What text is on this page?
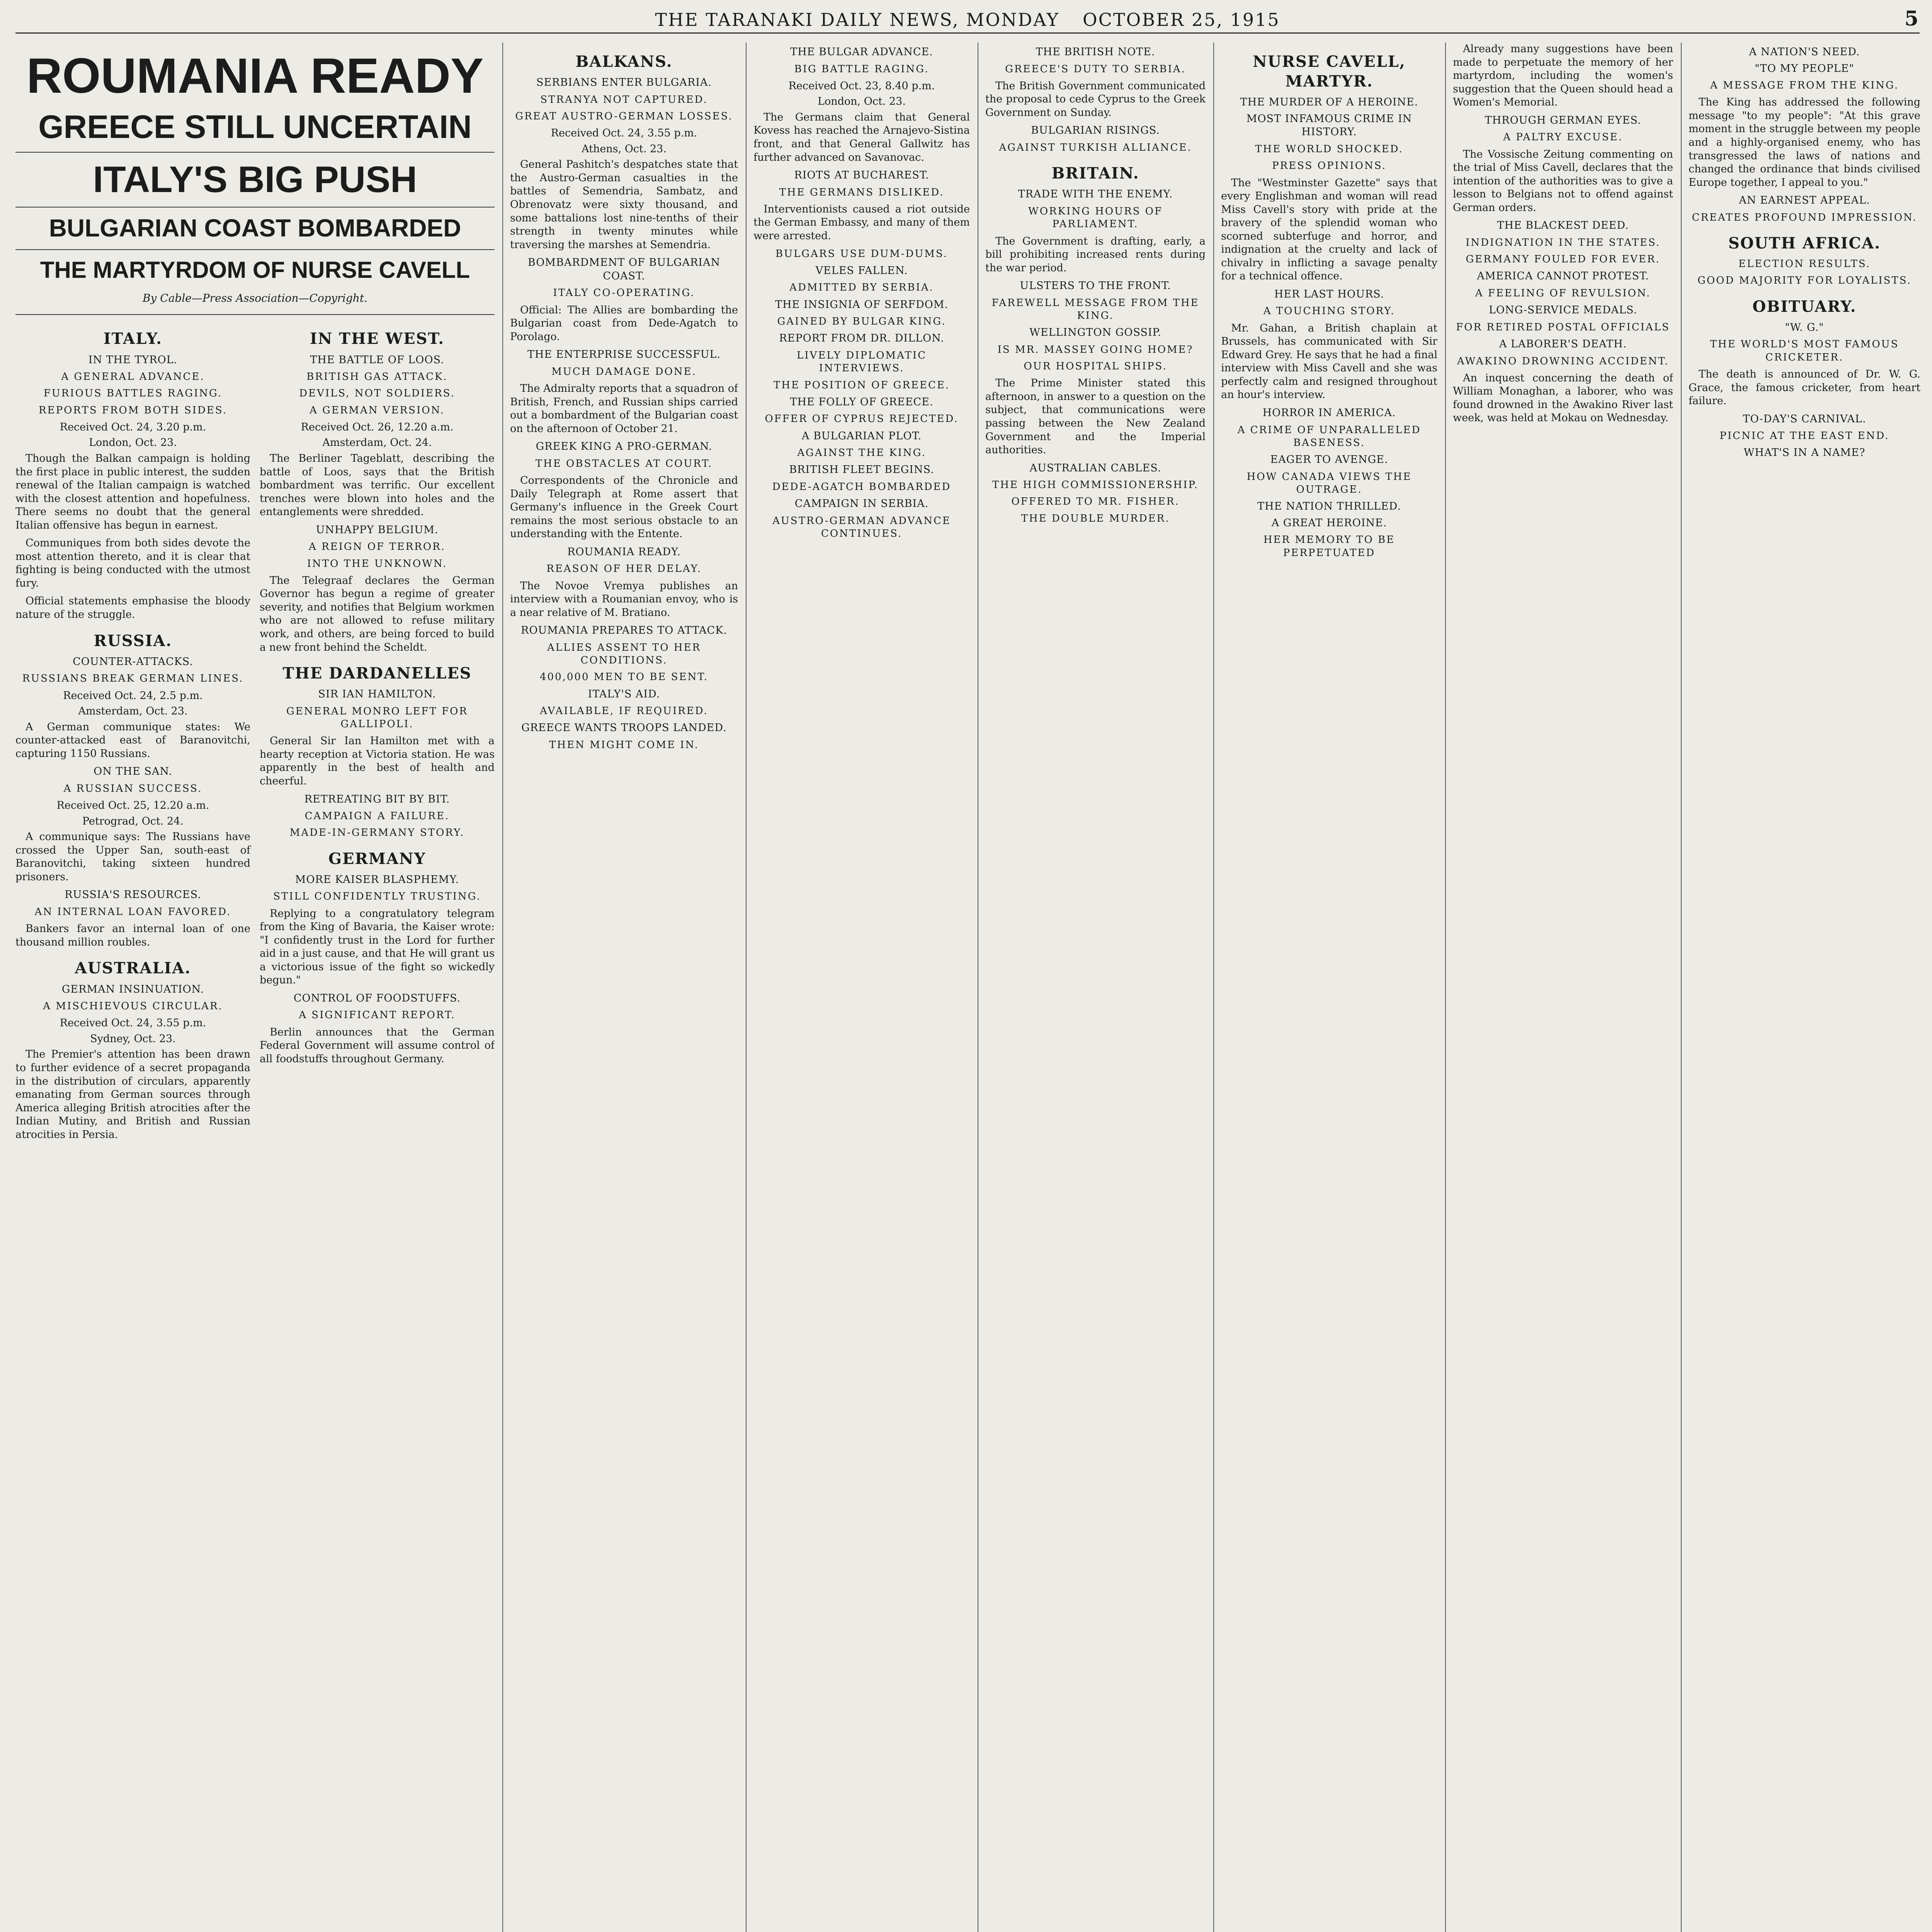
THE TARANAKI DAILY NEWS, MONDAY OCTOBER 25, 1915	5
ROUMANIA READY
GREECE STILL UNCERTAIN
ITALY'S BIG PUSH
BULGARIAN COAST BOMBARDED
THE MARTYRDOM OF NURSE CAVELL
By Cable—Press Association—Copyright.
ITALY.
IN THE TYROL.
A GENERAL ADVANCE.
FURIOUS BATTLES RAGING.
REPORTS FROM BOTH SIDES.
Received Oct. 24, 3.20 p.m.
London, Oct. 23.

Though the Balkan campaign is holding the first place in public interest, the sudden renewal of the Italian campaign is watched with the closest attention and hopefulness. There seems no doubt that the general Italian offensive has begun in earnest.

Communiques from both sides devote the most attention thereto, and it is clear that fighting is being conducted with the utmost fury.

Official statements emphasise the bloody nature of the struggle.

RUSSIA.
COUNTER-ATTACKS.
RUSSIANS BREAK GERMAN LINES.
Received Oct. 24, 2.5 p.m.
Amsterdam, Oct. 23.

A German communique states: We counter-attacked east of Baranovitchi, capturing 1150 Russians.

ON THE SAN.
A RUSSIAN SUCCESS.
Received Oct. 25, 12.20 a.m.
Petrograd, Oct. 24.

A communique says: The Russians have crossed the Upper San, south-east of Baranovitchi, taking sixteen hundred prisoners.

RUSSIA'S RESOURCES.
AN INTERNAL LOAN FAVORED.

Bankers favor an internal loan of one thousand million roubles.

AUSTRALIA.
GERMAN INSINUATION.
A MISCHIEVOUS CIRCULAR.
Received Oct. 24, 3.55 p.m.
Sydney, Oct. 23.

The Premier's attention has been drawn to further evidence of a secret propaganda in the distribution of circulars, apparently emanating from German sources through America alleging British atrocities after the Indian Mutiny, and British and Russian atrocities in Persia.

IN THE WEST.
THE BATTLE OF LOOS.
BRITISH GAS ATTACK.
DEVILS, NOT SOLDIERS.
A GERMAN VERSION.
Received Oct. 26, 12.20 a.m.
Amsterdam, Oct. 24.

The Berliner Tageblatt, describing the battle of Loos, says that the British bombardment was terrific. Our excellent trenches were blown into holes and the entanglements were shredded.

UNHAPPY BELGIUM.
A REIGN OF TERROR.
INTO THE UNKNOWN.

The Telegraaf declares the German Governor has begun a regime of greater severity, and notifies that Belgium workmen who are not allowed to refuse military work, and others, are being forced to build a new front behind the Scheldt.

THE DARDANELLES
SIR IAN HAMILTON.
GENERAL MONRO LEFT FOR GALLIPOLI.

General Sir Ian Hamilton met with a hearty reception at Victoria station. He was apparently in the best of health and cheerful.

RETREATING BIT BY BIT.
CAMPAIGN A FAILURE.
MADE-IN-GERMANY STORY.
GERMANY
MORE KAISER BLASPHEMY.
STILL CONFIDENTLY TRUSTING.

Replying to a congratulatory telegram from the King of Bavaria, the Kaiser wrote: "I confidently trust in the Lord for further aid in a just cause, and that He will grant us a victorious issue of the fight so wickedly begun."

CONTROL OF FOODSTUFFS.
A SIGNIFICANT REPORT.

Berlin announces that the German Federal Government will assume control of all foodstuffs throughout Germany.

BALKANS.
SERBIANS ENTER BULGARIA.
STRANYA NOT CAPTURED.
GREAT AUSTRO-GERMAN LOSSES.
Received Oct. 24, 3.55 p.m.
Athens, Oct. 23.

General Pashitch's despatches state that the Austro-German casualties in the battles of Semendria, Sambatz, and Obrenovatz were sixty thousand, and some battalions lost nine-tenths of their strength in twenty minutes while traversing the marshes at Semendria.

BOMBARDMENT OF BULGARIAN COAST.
ITALY CO-OPERATING.

Official: The Allies are bombarding the Bulgarian coast from Dede-Agatch to Porolago.

THE ENTERPRISE SUCCESSFUL.
MUCH DAMAGE DONE.

The Admiralty reports that a squadron of British, French, and Russian ships carried out a bombardment of the Bulgarian coast on the afternoon of October 21.

GREEK KING A PRO-GERMAN.
THE OBSTACLES AT COURT.

Correspondents of the Chronicle and Daily Telegraph at Rome assert that Germany's influence in the Greek Court remains the most serious obstacle to an understanding with the Entente.

ROUMANIA READY.
REASON OF HER DELAY.

The Novoe Vremya publishes an interview with a Roumanian envoy, who is a near relative of M. Bratiano.

ROUMANIA PREPARES TO ATTACK.
ALLIES ASSENT TO HER CONDITIONS.
400,000 MEN TO BE SENT.
ITALY'S AID.
AVAILABLE, IF REQUIRED.
GREECE WANTS TROOPS LANDED.
THEN MIGHT COME IN.
THE BULGAR ADVANCE.
BIG BATTLE RAGING.
Received Oct. 23, 8.40 p.m.
London, Oct. 23.

The Germans claim that General Kovess has reached the Arnajevo-Sistina front, and that General Gallwitz has further advanced on Savanovac.

RIOTS AT BUCHAREST.
THE GERMANS DISLIKED.

Interventionists caused a riot outside the German Embassy, and many of them were arrested.

BULGARS USE DUM-DUMS.
VELES FALLEN.
ADMITTED BY SERBIA.
THE INSIGNIA OF SERFDOM.
GAINED BY BULGAR KING.
REPORT FROM DR. DILLON.
LIVELY DIPLOMATIC INTERVIEWS.
THE POSITION OF GREECE.
THE FOLLY OF GREECE.
OFFER OF CYPRUS REJECTED.
A BULGARIAN PLOT.
AGAINST THE KING.
BRITISH FLEET BEGINS.
DEDE-AGATCH BOMBARDED
CAMPAIGN IN SERBIA.
AUSTRO-GERMAN ADVANCE CONTINUES.
THE BRITISH NOTE.
GREECE'S DUTY TO SERBIA.

The British Government communicated the proposal to cede Cyprus to the Greek Government on Sunday.

BULGARIAN RISINGS.
AGAINST TURKISH ALLIANCE.
BRITAIN.
TRADE WITH THE ENEMY.
WORKING HOURS OF PARLIAMENT.

The Government is drafting, early, a bill prohibiting increased rents during the war period.

ULSTERS TO THE FRONT.
FAREWELL MESSAGE FROM THE KING.
WELLINGTON GOSSIP.
IS MR. MASSEY GOING HOME?
OUR HOSPITAL SHIPS.

The Prime Minister stated this afternoon, in answer to a question on the subject, that communications were passing between the New Zealand Government and the Imperial authorities.

AUSTRALIAN CABLES.
THE HIGH COMMISSIONERSHIP.
OFFERED TO MR. FISHER.
THE DOUBLE MURDER.
NURSE CAVELL, MARTYR.
THE MURDER OF A HEROINE.
MOST INFAMOUS CRIME IN HISTORY.
THE WORLD SHOCKED.
PRESS OPINIONS.

The "Westminster Gazette" says that every Englishman and woman will read Miss Cavell's story with pride at the bravery of the splendid woman who scorned subterfuge and horror, and indignation at the cruelty and lack of chivalry in inflicting a savage penalty for a technical offence.

HER LAST HOURS.
A TOUCHING STORY.

Mr. Gahan, a British chaplain at Brussels, has communicated with Sir Edward Grey. He says that he had a final interview with Miss Cavell and she was perfectly calm and resigned throughout an hour's interview.

HORROR IN AMERICA.
A CRIME OF UNPARALLELED BASENESS.
EAGER TO AVENGE.
HOW CANADA VIEWS THE OUTRAGE.
THE NATION THRILLED.
A GREAT HEROINE.
HER MEMORY TO BE PERPETUATED

Already many suggestions have been made to perpetuate the memory of her martyrdom, including the women's suggestion that the Queen should head a Women's Memorial.

THROUGH GERMAN EYES.
A PALTRY EXCUSE.

The Vossische Zeitung commenting on the trial of Miss Cavell, declares that the intention of the authorities was to give a lesson to Belgians not to offend against German orders.

THE BLACKEST DEED.
INDIGNATION IN THE STATES.
GERMANY FOULED FOR EVER.
AMERICA CANNOT PROTEST.
A FEELING OF REVULSION.
LONG-SERVICE MEDALS.
FOR RETIRED POSTAL OFFICIALS
A LABORER'S DEATH.
AWAKINO DROWNING ACCIDENT.

An inquest concerning the death of William Monaghan, a laborer, who was found drowned in the Awakino River last week, was held at Mokau on Wednesday.

A NATION'S NEED.
"TO MY PEOPLE"
A MESSAGE FROM THE KING.

The King has addressed the following message "to my people": "At this grave moment in the struggle between my people and a highly-organised enemy, who has transgressed the laws of nations and changed the ordinance that binds civilised Europe together, I appeal to you."

AN EARNEST APPEAL.
CREATES PROFOUND IMPRESSION.
SOUTH AFRICA.
ELECTION RESULTS.
GOOD MAJORITY FOR LOYALISTS.
OBITUARY.
"W. G."
THE WORLD'S MOST FAMOUS CRICKETER.

The death is announced of Dr. W. G. Grace, the famous cricketer, from heart failure.

TO-DAY'S CARNIVAL.
PICNIC AT THE EAST END.
WHAT'S IN A NAME?
